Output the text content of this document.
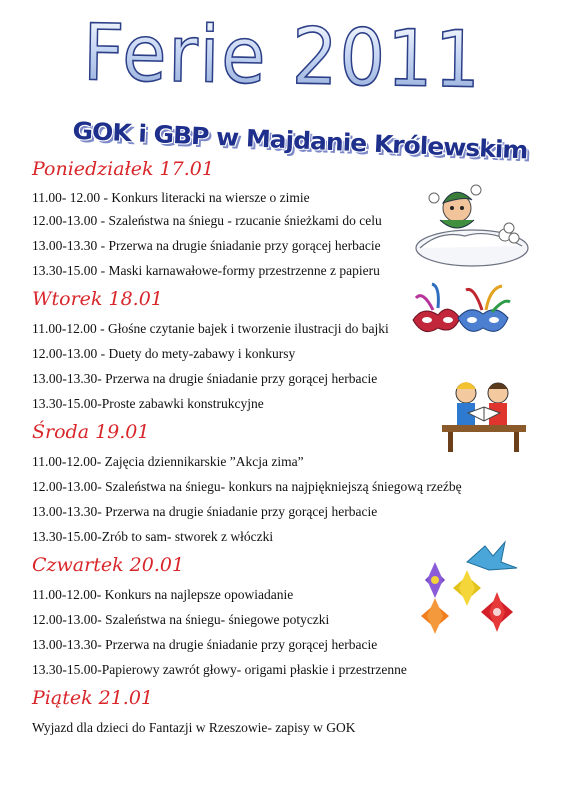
Ferie 2011
GOK i GBP w Majdanie Królewskim
Poniedziałek 17.01
11.00- 12.00 - Konkurs literacki na wiersze o zimie
12.00-13.00 - Szaleństwa na śniegu - rzucanie śnieżkami do celu
13.00-13.30 - Przerwa na drugie śniadanie przy gorącej herbacie
13.30-15.00 - Maski karnawałowe-formy przestrzenne z papieru
Wtorek 18.01
11.00-12.00 - Głośne czytanie bajek i tworzenie ilustracji do bajki
12.00-13.00 - Duety do mety-zabawy i konkursy
13.00-13.30- Przerwa na drugie śniadanie przy gorącej herbacie
13.30-15.00-Proste zabawki konstrukcyjne
Środa 19.01
11.00-12.00- Zajęcia dziennikarskie ”Akcja zima”
12.00-13.00- Szaleństwa na śniegu- konkurs na najpiękniejszą śniegową rzeźbę
13.00-13.30- Przerwa na drugie śniadanie przy gorącej herbacie
13.30-15.00-Zrób to sam- stworek z włóczki
Czwartek 20.01
11.00-12.00- Konkurs na najlepsze opowiadanie
12.00-13.00- Szaleństwa na śniegu- śniegowe potyczki
13.00-13.30- Przerwa na drugie śniadanie przy gorącej herbacie
13.30-15.00-Papierowy zawrót głowy- origami płaskie i przestrzenne
Piątek 21.01
Wyjazd dla dzieci do Fantazji w Rzeszowie- zapisy w GOK
